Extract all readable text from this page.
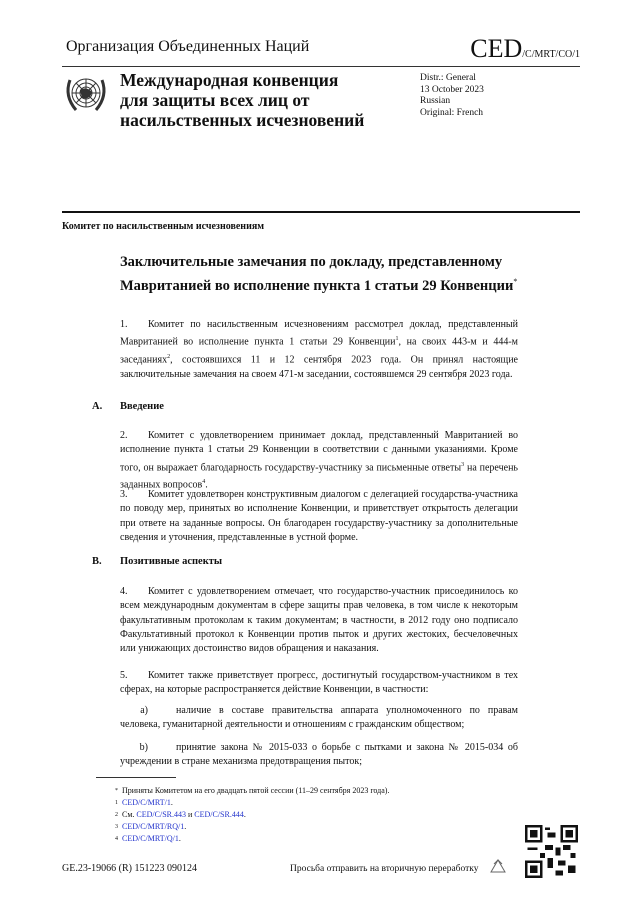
Организация Объединенных Наций	CED/C/MRT/CO/1
Международная конвенция
для защиты всех лиц от
насильственных исчезновений
Distr.: General
13 October 2023
Russian
Original: French
Комитет по насильственным исчезновениям
Заключительные замечания по докладу, представленному Мавританией во исполнение пункта 1 статьи 29 Конвенции*
1. Комитет по насильственным исчезновениям рассмотрел доклад, представленный Мавританией во исполнение пункта 1 статьи 29 Конвенции$^1$, на своих 443-м и 444-м заседаниях$^2$, состоявшихся 11 и 12 сентября 2023 года. Он принял настоящие заключительные замечания на своем 471-м заседании, состоявшемся 29 сентября 2023 года.
A. Введение
2. Комитет с удовлетворением принимает доклад, представленный Мавританией во исполнение пункта 1 статьи 29 Конвенции в соответствии с данными указаниями. Кроме того, он выражает благодарность государству-участнику за письменные ответы$^3$ на перечень заданных вопросов$^4$.
3. Комитет удовлетворен конструктивным диалогом с делегацией государства-участника по поводу мер, принятых во исполнение Конвенции, и приветствует открытость делегации при ответе на заданные вопросы. Он благодарен государству-участнику за дополнительные сведения и уточнения, представленные в устной форме.
B. Позитивные аспекты
4. Комитет с удовлетворением отмечает, что государство-участник присоединилось ко всем международным документам в сфере защиты прав человека, в том числе к некоторым факультативным протоколам к таким документам; в частности, в 2012 году оно подписало Факультативный протокол к Конвенции против пыток и других жестоких, бесчеловечных или унижающих достоинство видов обращения и наказания.
5. Комитет также приветствует прогресс, достигнутый государством-участником в тех сферах, на которые распространяется действие Конвенции, в частности:
a)	наличие в составе правительства аппарата уполномоченного по правам человека, гуманитарной деятельности и отношениям с гражданским обществом;
b)	принятие закона № 2015-033 о борьбе с пытками и закона № 2015-034 об учреждении в стране механизма предотвращения пыток;
* Приняты Комитетом на его двадцать пятой сессии (11–29 сентября 2023 года).
1 CED/C/MRT/1.
2 См. CED/C/SR.443 и CED/C/SR.444.
3 CED/C/MRT/RQ/1.
4 CED/C/MRT/Q/1.
GE.23-19066 (R) 151223 090124	Просьба отправить на вторичную переработку
